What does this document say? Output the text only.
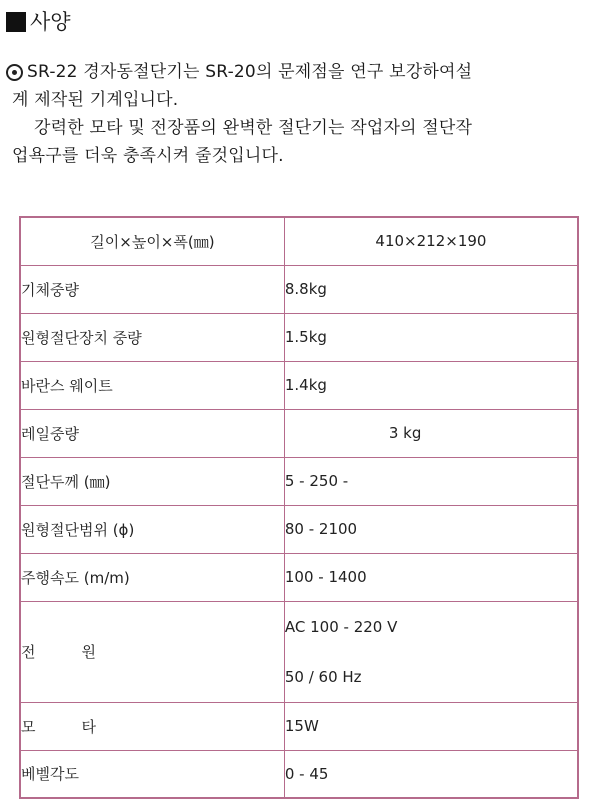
사양
SR-22 경자동절단기는 SR-20 의 문제점을 연구 보강하여설
계 제작된 기계입니다.
강력한 모타 및 전장품의 완벽한 절단기는 작업자의 절단작
업욕구를 더욱 충족시켜 줄것입니다.
길이×높이×폭(㎜)	410×212×190
기체중량	8.8kg
원형절단장치 중량	1.5kg
바란스 웨이트	1.4kg
레일중량	3 kg
절단두께 (㎜)	5 - 250 -
원형절단범위 (ϕ)	80 - 2100
주행속도 (m/m)	100 - 1400
전 원	AC 100 - 220 V
50 / 60 Hz

모 타	15W
베벨각도	0 - 45
